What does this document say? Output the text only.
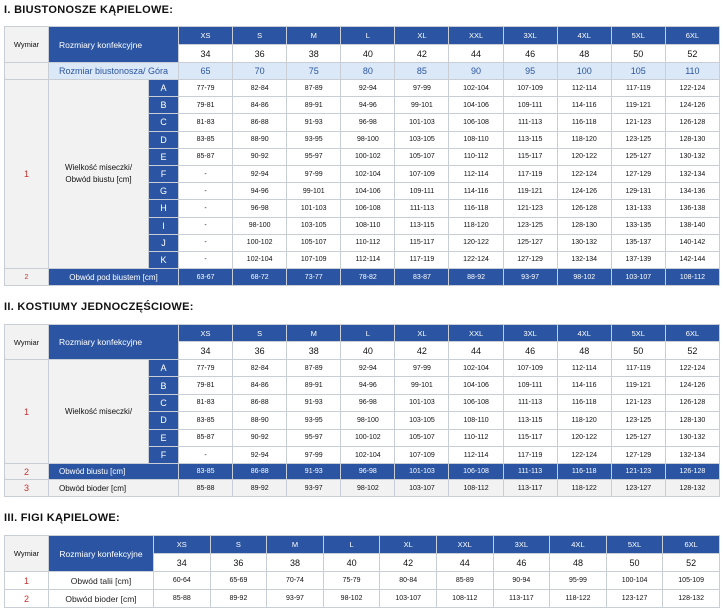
I. BIUSTONOSZE KĄPIELOWE:
Wymiar	Rozmiary konfekcyjne		XS	S	M	L	XL	XXL	3XL	4XL	5XL	6XL
			34	36	38	40	42	44	46	48	50	52
	Rozmiar biustonosza/ Góra		65	70	75	80	85	90	95	100	105	110
1	Wielkość miseczki/ Obwód biustu [cm]	A	77-79	82-84	87-89	92-94	97-99	102-104	107-109	112-114	117-119	122-124
		B	79-81	84-86	89-91	94-96	99-101	104-106	109-111	114-116	119-121	124-126
		C	81-83	86-88	91-93	96-98	101-103	106-108	111-113	116-118	121-123	126-128
		D	83-85	88-90	93-95	98-100	103-105	108-110	113-115	118-120	123-125	128-130
		E	85-87	90-92	95-97	100-102	105-107	110-112	115-117	120-122	125-127	130-132
		F	-	92-94	97-99	102-104	107-109	112-114	117-119	122-124	127-129	132-134
		G	-	94-96	99-101	104-106	109-111	114-116	119-121	124-126	129-131	134-136
		H	-	96-98	101-103	106-108	111-113	116-118	121-123	126-128	131-133	136-138
		I	-	98-100	103-105	108-110	113-115	118-120	123-125	128-130	133-135	138-140
		J	-	100-102	105-107	110-112	115-117	120-122	125-127	130-132	135-137	140-142
		K	-	102-104	107-109	112-114	117-119	122-124	127-129	132-134	137-139	142-144
2	Obwód pod biustem [cm]		63-67	68-72	73-77	78-82	83-87	88-92	93-97	98-102	103-107	108-112
II. KOSTIUMY JEDNOCZĘŚCIOWE:
Wymiar	Rozmiary konfekcyjne		XS	S	M	L	XL	XXL	3XL	4XL	5XL	6XL
			34	36	38	40	42	44	46	48	50	52
1	Wielkość miseczki/	A	77-79	82-84	87-89	92-94	97-99	102-104	107-109	112-114	117-119	122-124
		B	79-81	84-86	89-91	94-96	99-101	104-106	109-111	114-116	119-121	124-126
		C	81-83	86-88	91-93	96-98	101-103	106-108	111-113	116-118	121-123	126-128
		D	83-85	88-90	93-95	98-100	103-105	108-110	113-115	118-120	123-125	128-130
		E	85-87	90-92	95-97	100-102	105-107	110-112	115-117	120-122	125-127	130-132
		F	-	92-94	97-99	102-104	107-109	112-114	117-119	122-124	127-129	132-134
2	Obwód biustu [cm]		83-85	86-88	91-93	96-98	101-103	106-108	111-113	116-118	121-123	126-128
3	Obwód bioder [cm]		85-88	89-92	93-97	98-102	103-107	108-112	113-117	118-122	123-127	128-132
III. FIGI KĄPIELOWE:
Wymiar	Rozmiary konfekcyjne	XS	S	M	L	XL	XXL	3XL	4XL	5XL	6XL
		34	36	38	40	42	44	46	48	50	52
1	Obwód talii [cm]	60-64	65-69	70-74	75-79	80-84	85-89	90-94	95-99	100-104	105-109
2	Obwód bioder [cm]	85-88	89-92	93-97	98-102	103-107	108-112	113-117	118-122	123-127	128-132
